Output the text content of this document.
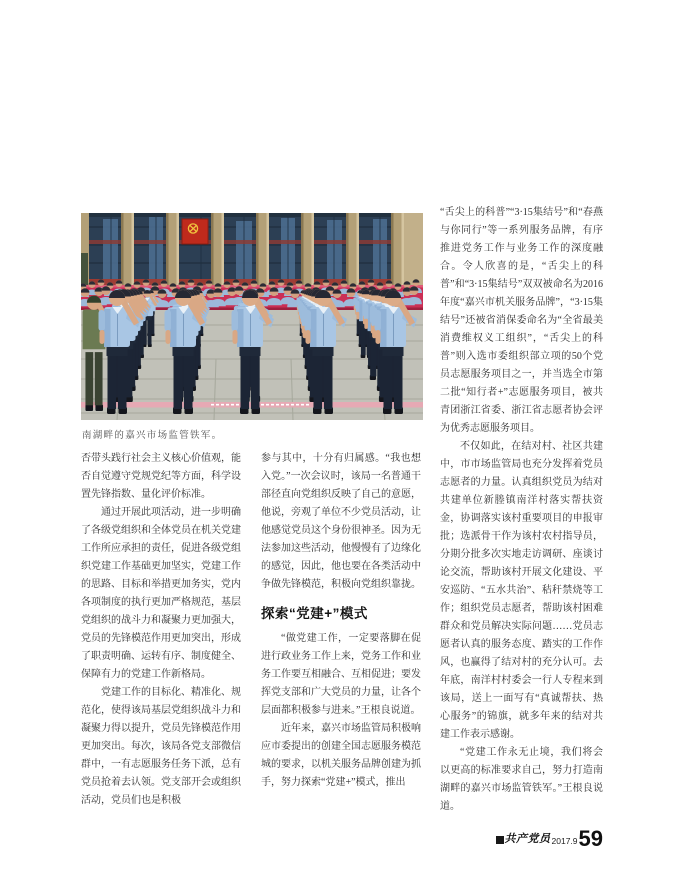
南湖畔的嘉兴市场监管铁军。

否带头践行社会主义核心价值观，能否自觉遵守党规党纪等方面，科学设置先锋指数、量化评价标准。

通过开展此项活动，进一步明确了各级党组织和全体党员在机关党建工作所应承担的责任，促进各级党组织党建工作基础更加坚实，党建工作的思路、目标和举措更加务实，党内各项制度的执行更加严格规范，基层党组织的战斗力和凝聚力更加强大，党员的先锋模范作用更加突出，形成了职责明确、运转有序、制度健全、保障有力的党建工作新格局。

党建工作的目标化、精准化、规范化，使得该局基层党组织战斗力和凝聚力得以提升，党员先锋模范作用更加突出。每次，该局各党支部微信群中，一有志愿服务任务下派，总有党员抢着去认领。党支部开会或组织活动，党员们也是积极

参与其中，十分有归属感。“我也想入党。”一次会议时，该局一名普通干部径直向党组织反映了自己的意愿，他说，旁观了单位不少党员活动，让他感觉党员这个身份很神圣。因为无法参加这些活动，他慢慢有了边缘化的感觉，因此，他也要在各类活动中争做先锋模范，积极向党组织靠拢。

探索“党建+”模式

“做党建工作，一定要落脚在促进行政业务工作上来，党务工作和业务工作要互相融合、互相促进；要发挥党支部和广大党员的力量，让各个层面都积极参与进来。”王根良说道。

近年来，嘉兴市场监管局积极响应市委提出的创建全国志愿服务模范城的要求，以机关服务品牌创建为抓手，努力探索“党建+”模式，推出

“舌尖上的科普”“3·15集结号”和“春燕与你同行”等一系列服务品牌，有序推进党务工作与业务工作的深度融合。令人欣喜的是，“舌尖上的科普”和“3·15集结号”双双被命名为2016年度“嘉兴市机关服务品牌”，“3·15集结号”还被省消保委命名为“全省最美消费维权义工组织”，“舌尖上的科普”则入选市委组织部立项的50个党员志愿服务项目之一，并当选全市第二批“知行者+”志愿服务项目，被共青团浙江省委、浙江省志愿者协会评为优秀志愿服务项目。

不仅如此，在结对村、社区共建中，市市场监管局也充分发挥着党员志愿者的力量。认真组织党员为结对共建单位新塍镇南洋村落实帮扶资金，协调落实该村重要项目的申报审批；选派骨干作为该村农村指导员，分期分批多次实地走访调研、座谈讨论交流，帮助该村开展文化建设、平安巡防、“五水共治”、秸秆禁烧等工作；组织党员志愿者，帮助该村困难群众和党员解决实际问题……党员志愿者认真的服务态度、踏实的工作作风，也赢得了结对村的充分认可。去年底，南洋村村委会一行人专程来到该局，送上一面写有“真诚帮扶、热心服务”的锦旗，就多年来的结对共建工作表示感谢。

“党建工作永无止境，我们将会以更高的标准要求自己，努力打造南湖畔的嘉兴市场监管铁军。”王根良说道。

共产党员 2017.9 59
